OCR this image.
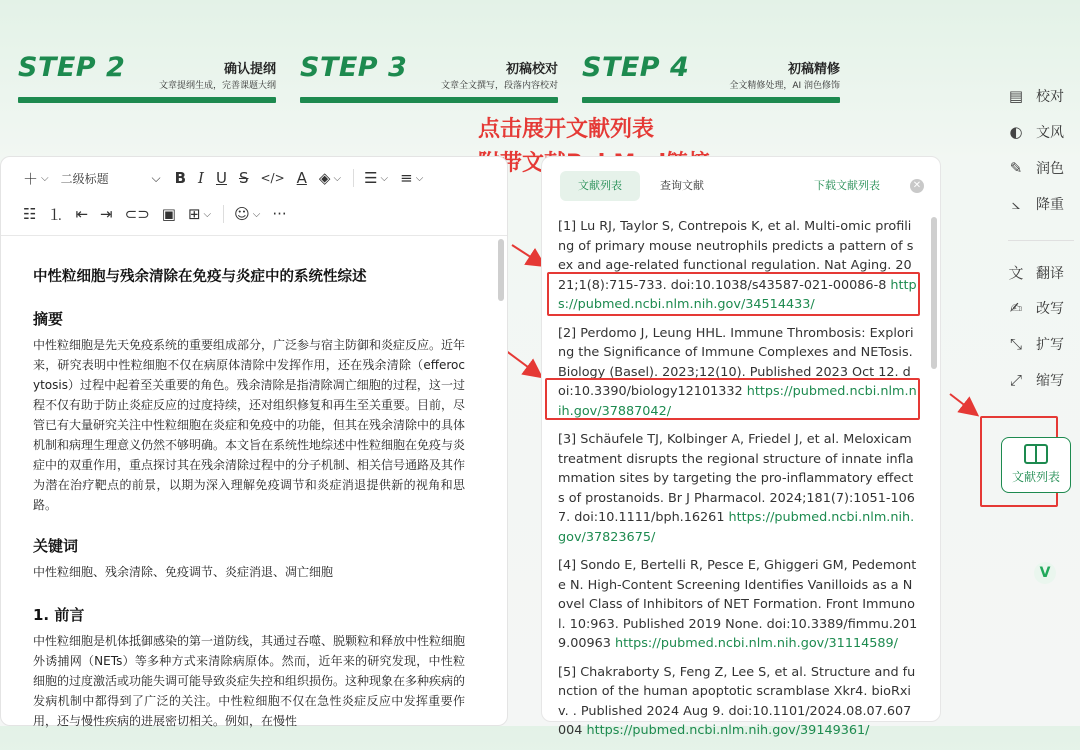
STEP 2	确认提纲
文章提纲生成，完善课题大纲
STEP 3	初稿校对
文章全文撰写，段落内容校对
STEP 4	初稿精修
全文精修处理，AI 润色修饰
点击展开文献列表
＋ ⌵ 二级标题	⌵ B I U S </> A ◈ ⌵ ☰ ⌵ ≡ ⌵
☷ ⒈ ⇤ ⇥ ⊂⊃ ▣ ⊞ ⌵ ☺ ⌵ ···
中性粒细胞与残余清除在免疫与炎症中的系统性综述
摘要
中性粒细胞是先天免疫系统的重要组成部分，广泛参与宿主防御和炎症反应。近年来，研究表明中性粒细胞不仅在病原体清除中发挥作用，还在残余清除（efferocytosis）过程中起着至关重要的角色。残余清除是指清除凋亡细胞的过程，这一过程不仅有助于防止炎症反应的过度持续，还对组织修复和再生至关重要。目前，尽管已有大量研究关注中性粒细胞在炎症和免疫中的功能，但其在残余清除中的具体机制和病理生理意义仍然不够明确。本文旨在系统性地综述中性粒细胞在免疫与炎症中的双重作用，重点探讨其在残余清除过程中的分子机制、相关信号通路及其作为潜在治疗靶点的前景，以期为深入理解免疫调节和炎症消退提供新的视角和思路。
关键词
中性粒细胞、残余清除、免疫调节、炎症消退、凋亡细胞
1. 前言
中性粒细胞是机体抵御感染的第一道防线，其通过吞噬、脱颗粒和释放中性粒细胞外诱捕网（NETs）等多种方式来清除病原体。然而，近年来的研究发现，中性粒细胞的过度激活或功能失调可能导致炎症失控和组织损伤。这种现象在多种疾病的发病机制中都得到了广泛的关注。中性粒细胞不仅在急性炎症反应中发挥重要作用，还与慢性疾病的进展密切相关。例如，在慢性
文献列表	查询文献	下载文献列表	✕
[1] Lu RJ, Taylor S, Contrepois K, et al. Multi-omic profiling of primary mouse neutrophils predicts a pattern of sex and age-related functional regulation. Nat Aging. 2021;1(8):715-733. doi:10.1038/s43587-021-00086-8 https://pubmed.ncbi.nlm.nih.gov/34514433/
[2] Perdomo J, Leung HHL. Immune Thrombosis: Exploring the Significance of Immune Complexes and NETosis. Biology (Basel). 2023;12(10). Published 2023 Oct 12. doi:10.3390/biology12101332 https://pubmed.ncbi.nlm.nih.gov/37887042/
[3] Schäufele TJ, Kolbinger A, Friedel J, et al. Meloxicam treatment disrupts the regional structure of innate inflammation sites by targeting the pro-inflammatory effects of prostanoids. Br J Pharmacol. 2024;181(7):1051-1067. doi:10.1111/bph.16261 https://pubmed.ncbi.nlm.nih.gov/37823675/
[4] Sondo E, Bertelli R, Pesce E, Ghiggeri GM, Pedemonte N. High-Content Screening Identifies Vanilloids as a Novel Class of Inhibitors of NET Formation. Front Immunol. 10:963. Published 2019 None. doi:10.3389/fimmu.2019.00963 https://pubmed.ncbi.nlm.nih.gov/31114589/
[5] Chakraborty S, Feng Z, Lee S, et al. Structure and function of the human apoptotic scramblase Xkr4. bioRxiv. . Published 2024 Aug 9. doi:10.1101/2024.08.07.607004 https://pubmed.ncbi.nlm.nih.gov/39149361/
▤ 校对
◐ 文风
✎ 润色
⦣	降重
文 翻译
✍ 改写
⤡ 扩写
⤢ 缩写
文献列表
V
